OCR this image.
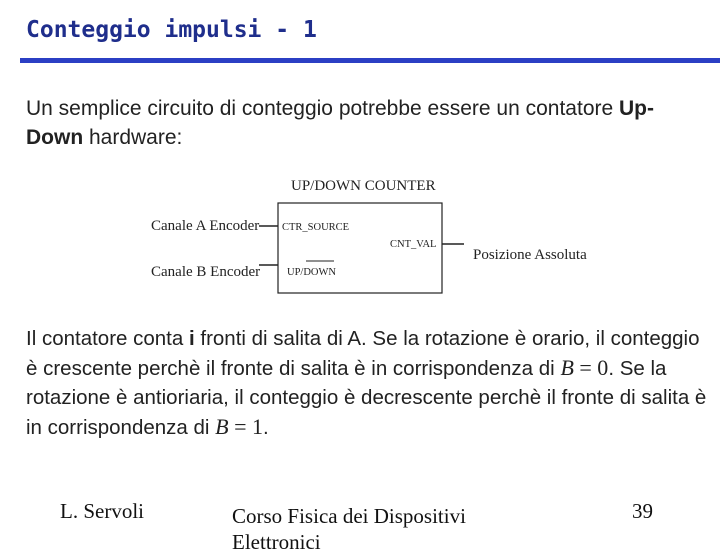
Conteggio impulsi - 1
Un semplice circuito di conteggio potrebbe essere un contatore Up-Down hardware:
UP/DOWN COUNTER
Canale A Encoder CTR_SOURCE
Canale B Encoder	UP/DOWN
CNT_VAL
Posizione Assoluta
Il contatore conta i fronti di salita di A. Se la rotazione è orario, il conteggio è crescente perchè il fronte di salita è in corrispondenza di B = 0. Se la rotazione è antioriaria, il conteggio è decrescente perchè il fronte di salita è in corrispondenza di B = 1.
L. Servoli	Corso Fisica dei Dispositivi Elettronici
39
